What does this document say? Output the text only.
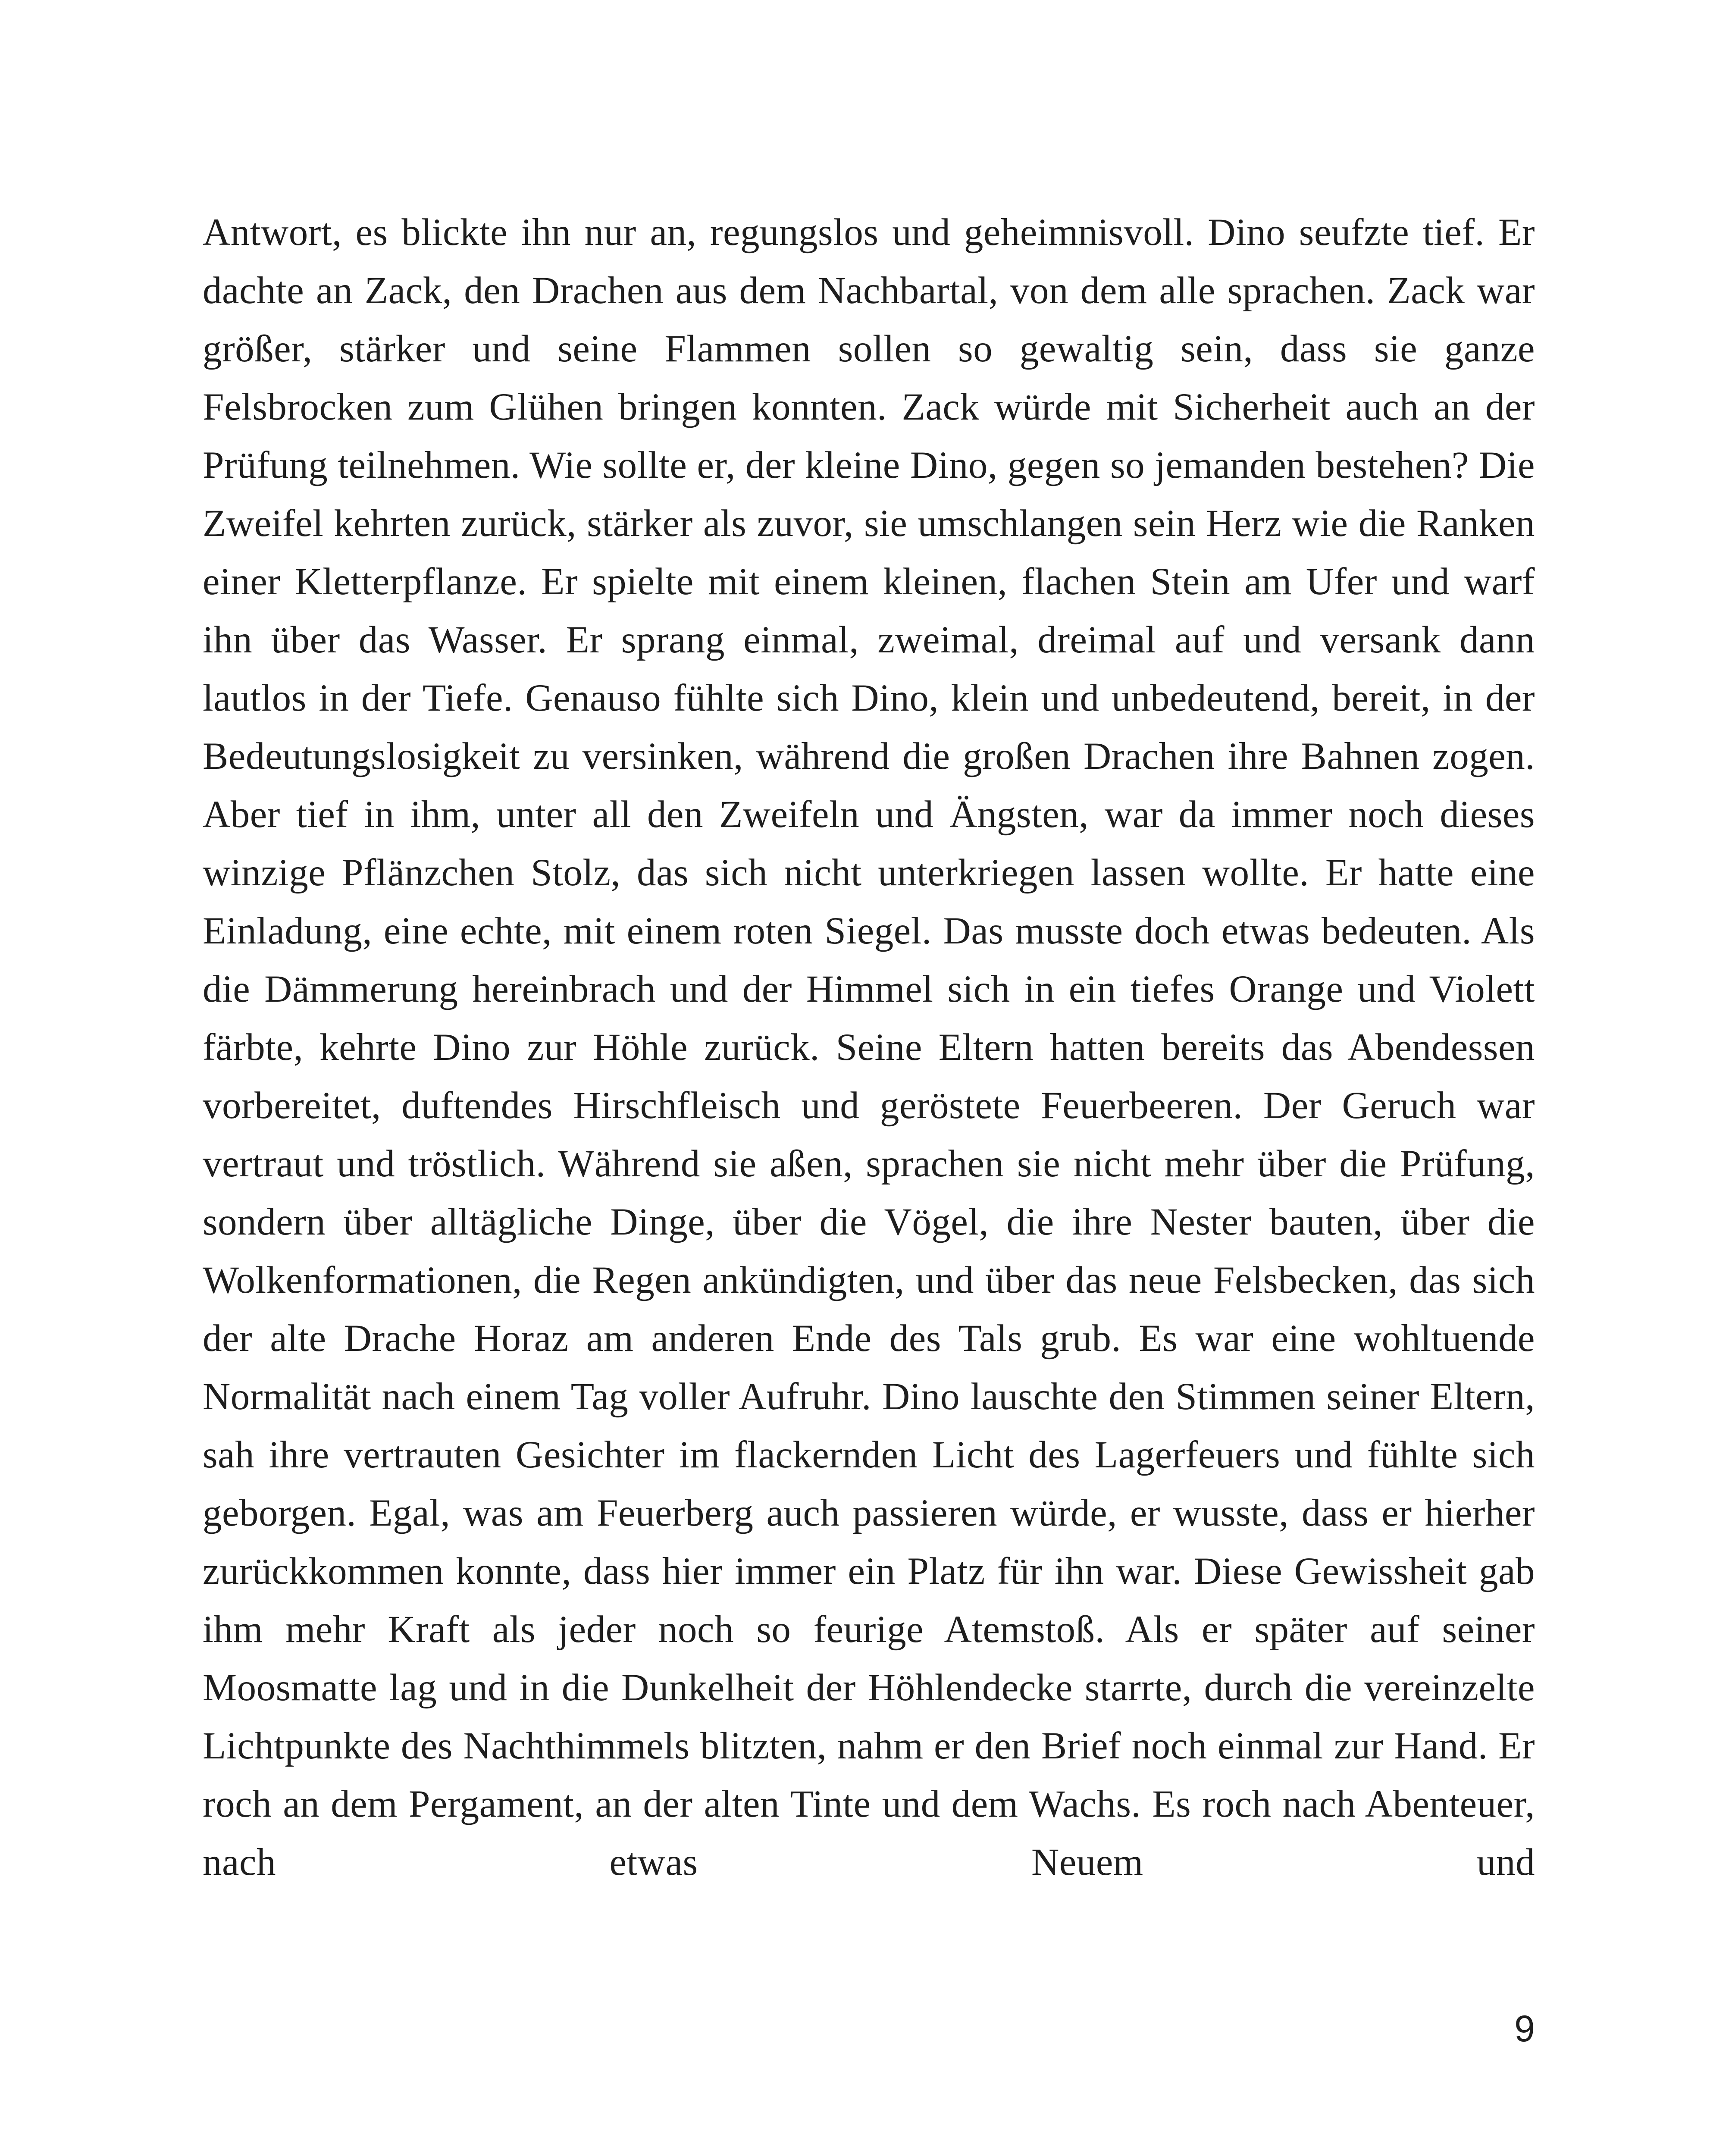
Antwort, es blickte ihn nur an, regungslos und geheimnisvoll. Dino seufzte tief. Er dachte an Zack, den Drachen aus dem Nachbartal, von dem alle sprachen. Zack war größer, stärker und seine Flammen sollen so gewaltig sein, dass sie ganze Felsbrocken zum Glühen bringen konnten. Zack würde mit Sicherheit auch an der Prüfung teilnehmen. Wie sollte er, der kleine Dino, gegen so jemanden bestehen? Die Zweifel kehrten zurück, stärker als zuvor, sie umschlangen sein Herz wie die Ranken einer Kletterpflanze. Er spielte mit einem kleinen, flachen Stein am Ufer und warf ihn über das Wasser. Er sprang einmal, zweimal, dreimal auf und versank dann lautlos in der Tiefe. Genauso fühlte sich Dino, klein und unbedeutend, bereit, in der Bedeutungslosigkeit zu versinken, während die großen Drachen ihre Bahnen zogen. Aber tief in ihm, unter all den Zweifeln und Ängsten, war da immer noch dieses winzige Pflänzchen Stolz, das sich nicht unterkriegen lassen wollte. Er hatte eine Einladung, eine echte, mit einem roten Siegel. Das musste doch etwas bedeuten. Als die Dämmerung hereinbrach und der Himmel sich in ein tiefes Orange und Violett färbte, kehrte Dino zur Höhle zurück. Seine Eltern hatten bereits das Abendessen vorbereitet, duftendes Hirschfleisch und geröstete Feuerbeeren. Der Geruch war vertraut und tröstlich. Während sie aßen, sprachen sie nicht mehr über die Prüfung, sondern über alltägliche Dinge, über die Vögel, die ihre Nester bauten, über die Wolkenformationen, die Regen ankündigten, und über das neue Felsbecken, das sich der alte Drache Horaz am anderen Ende des Tals grub. Es war eine wohltuende Normalität nach einem Tag voller Aufruhr. Dino lauschte den Stimmen seiner Eltern, sah ihre vertrauten Gesichter im flackernden Licht des Lagerfeuers und fühlte sich geborgen. Egal, was am Feuerberg auch passieren würde, er wusste, dass er hierher zurückkommen konnte, dass hier immer ein Platz für ihn war. Diese Gewissheit gab ihm mehr Kraft als jeder noch so feurige Atemstoß. Als er später auf seiner Moosmatte lag und in die Dunkelheit der Höhlendecke starrte, durch die vereinzelte Lichtpunkte des Nachthimmels blitzten, nahm er den Brief noch einmal zur Hand. Er roch an dem Pergament, an der alten Tinte und dem Wachs. Es roch nach Abenteuer, nach etwas Neuem und

9
